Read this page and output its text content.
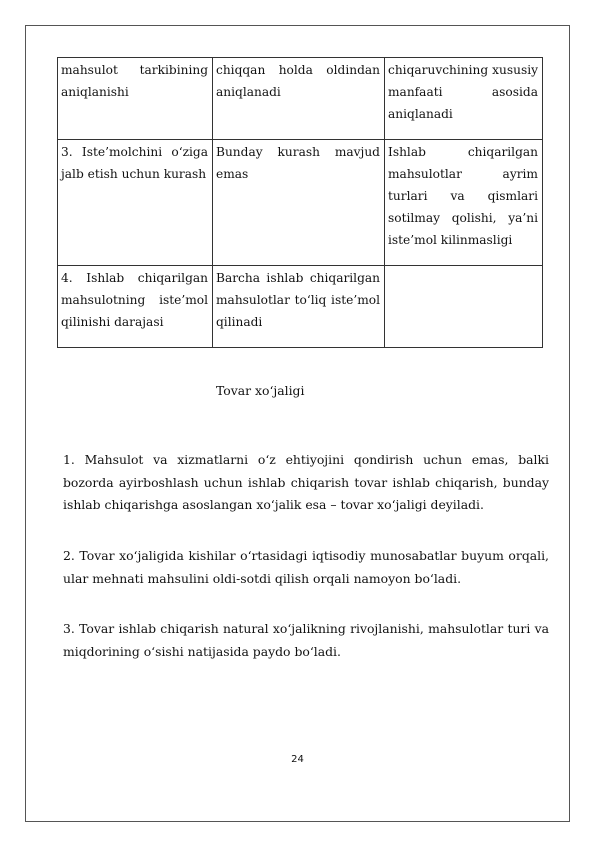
mahsulot tarkibining aniqlanishi	chiqqan holda oldindan aniqlanadi	chiqaruvchining xususiy manfaati asosida aniqlanadi
3. Iste’molchini o‘ziga jalb etish uchun kurash	Bunday kurash mavjud emas	Ishlab chiqarilgan mahsulotlar ayrim turlari va qismlari sotilmay qolishi, ya’ni iste’mol kilinmasligi
4. Ishlab chiqarilgan mahsulotning iste’mol qilinishi darajasi	Barcha ishlab chiqarilgan mahsulotlar to‘liq iste’mol qilinadi	
Tovar xo‘jaligi

1. Mahsulot va xizmatlarni o‘z ehtiyojini qondirish uchun emas, balki bozorda ayirboshlash uchun ishlab chiqarish tovar ishlab chiqarish, bunday ishlab chiqarishga asoslangan xo‘jalik esa – tovar xo‘jaligi deyiladi.

2. Tovar xo‘jaligida kishilar o‘rtasidagi iqtisodiy munosabatlar buyum orqali, ular mehnati mahsulini oldi-sotdi qilish orqali namoyon bo‘ladi.

3. Tovar ishlab chiqarish natural xo‘jalikning rivojlanishi, mahsulotlar turi va miqdorining o‘sishi natijasida paydo bo‘ladi.

24
